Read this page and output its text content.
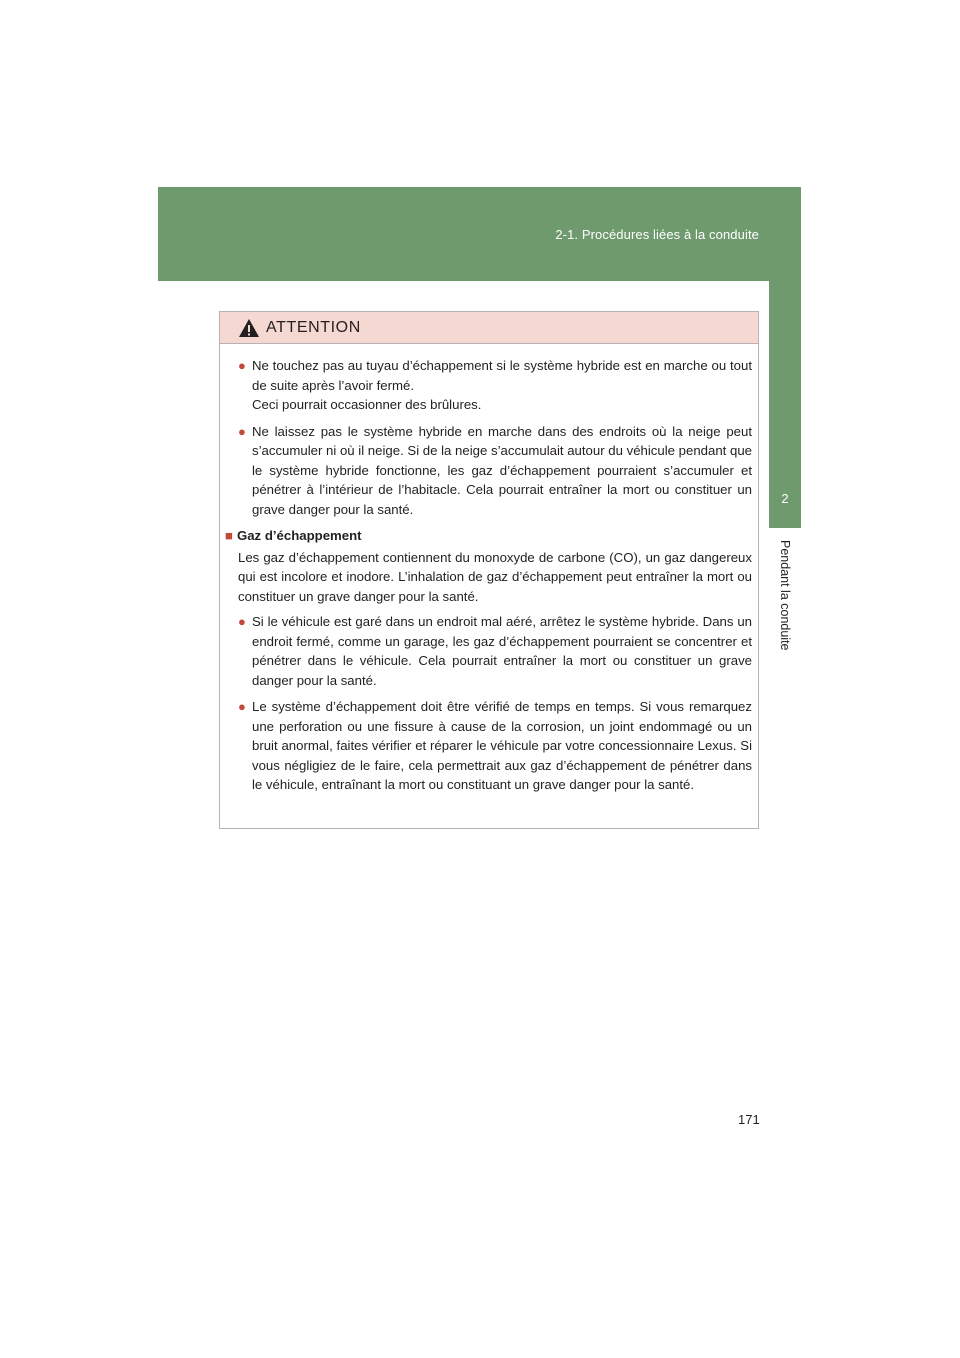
2-1. Procédures liées à la conduite
2
Pendant la conduite
ATTENTION
● Ne touchez pas au tuyau d’échappement si le système hybride est en marche ou tout de suite après l’avoir fermé.

Ceci pourrait occasionner des brûlures.

● Ne laissez pas le système hybride en marche dans des endroits où la neige peut s’accumuler ni où il neige. Si de la neige s’accumulait autour du véhicule pendant que le système hybride fonctionne, les gaz d’échappement pourraient s’accumuler et pénétrer à l’intérieur de l’habitacle. Cela pourrait entraîner la mort ou constituer un grave danger pour la santé.

■ Gaz d’échappement

Les gaz d’échappement contiennent du monoxyde de carbone (CO), un gaz dangereux qui est incolore et inodore. L’inhalation de gaz d’échappement peut entraîner la mort ou constituer un grave danger pour la santé.

● Si le véhicule est garé dans un endroit mal aéré, arrêtez le système hybride. Dans un endroit fermé, comme un garage, les gaz d’échappement pourraient se concentrer et pénétrer dans le véhicule. Cela pourrait entraîner la mort ou constituer un grave danger pour la santé.

● Le système d’échappement doit être vérifié de temps en temps. Si vous remarquez une perforation ou une fissure à cause de la corrosion, un joint endommagé ou un bruit anormal, faites vérifier et réparer le véhicule par votre concessionnaire Lexus. Si vous négligiez de le faire, cela permettrait aux gaz d’échappement de pénétrer dans le véhicule, entraînant la mort ou constituant un grave danger pour la santé.

171
